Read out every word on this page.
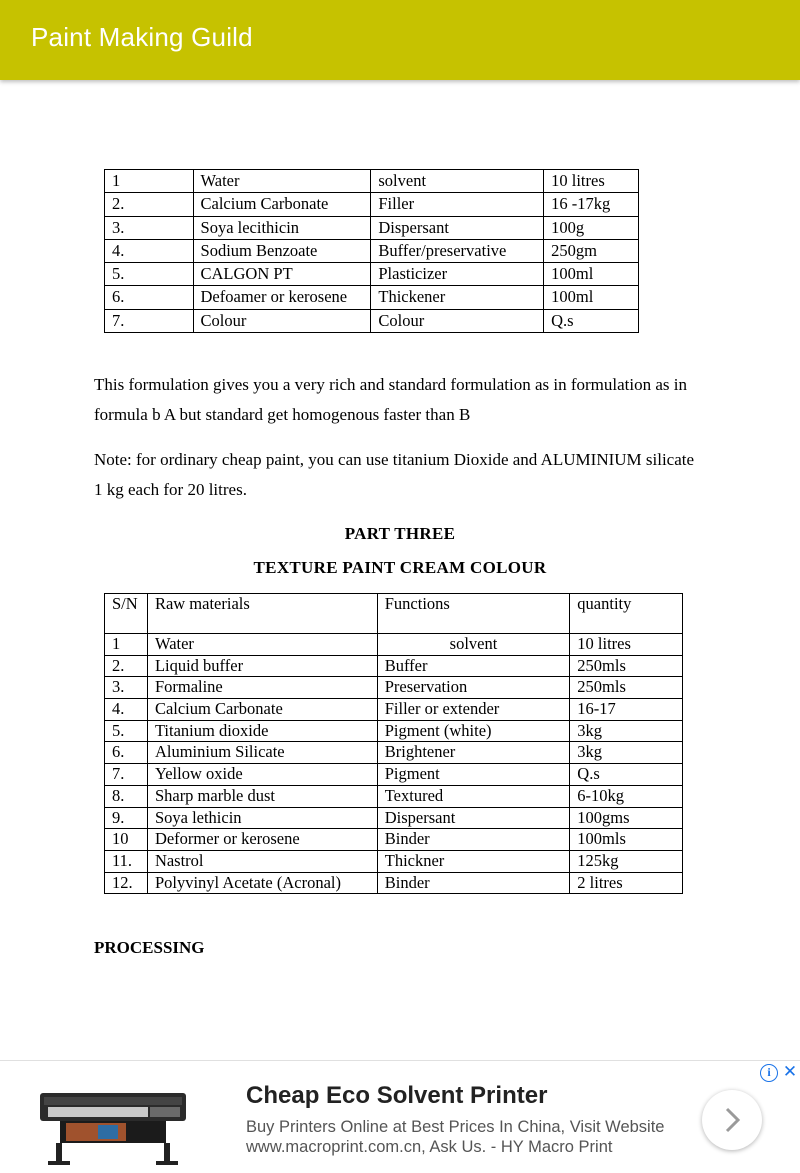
Paint Making Guild
1	Water	solvent	10 litres
2.	Calcium Carbonate	Filler	16 -17kg
3.	Soya lecithicin	Dispersant	100g
4.	Sodium Benzoate	Buffer/preservative	250gm
5.	CALGON PT	Plasticizer	100ml
6.	Defoamer or kerosene	Thickener	100ml
7.	Colour	Colour	Q.s

This formulation gives you a very rich and standard formulation as in formulation as in formula b A but standard get homogenous faster than B

Note: for ordinary cheap paint, you can use titanium Dioxide and ALUMINIUM silicate 1 kg each for 20 litres.

PART THREE
TEXTURE PAINT CREAM COLOUR
S/N	Raw materials	Functions	quantity
1	Water	solvent	10 litres
2.	Liquid buffer	Buffer	250mls
3.	Formaline	Preservation	250mls
4.	Calcium Carbonate	Filler or extender	16-17
5.	Titanium dioxide	Pigment (white)	3kg
6.	Aluminium Silicate	Brightener	3kg
7.	Yellow oxide	Pigment	Q.s
8.	Sharp marble dust	Textured	6-10kg
9.	Soya lethicin	Dispersant	100gms
10	Deformer or kerosene	Binder	100mls
11.	Nastrol	Thickner	125kg
12.	Polyvinyl Acetate (Acronal)	Binder	2 litres
PROCESSING
Cheap Eco Solvent Printer
Buy Printers Online at Best Prices In China, Visit Website www.macroprint.com.cn, Ask Us. - HY Macro Print
i ✕
